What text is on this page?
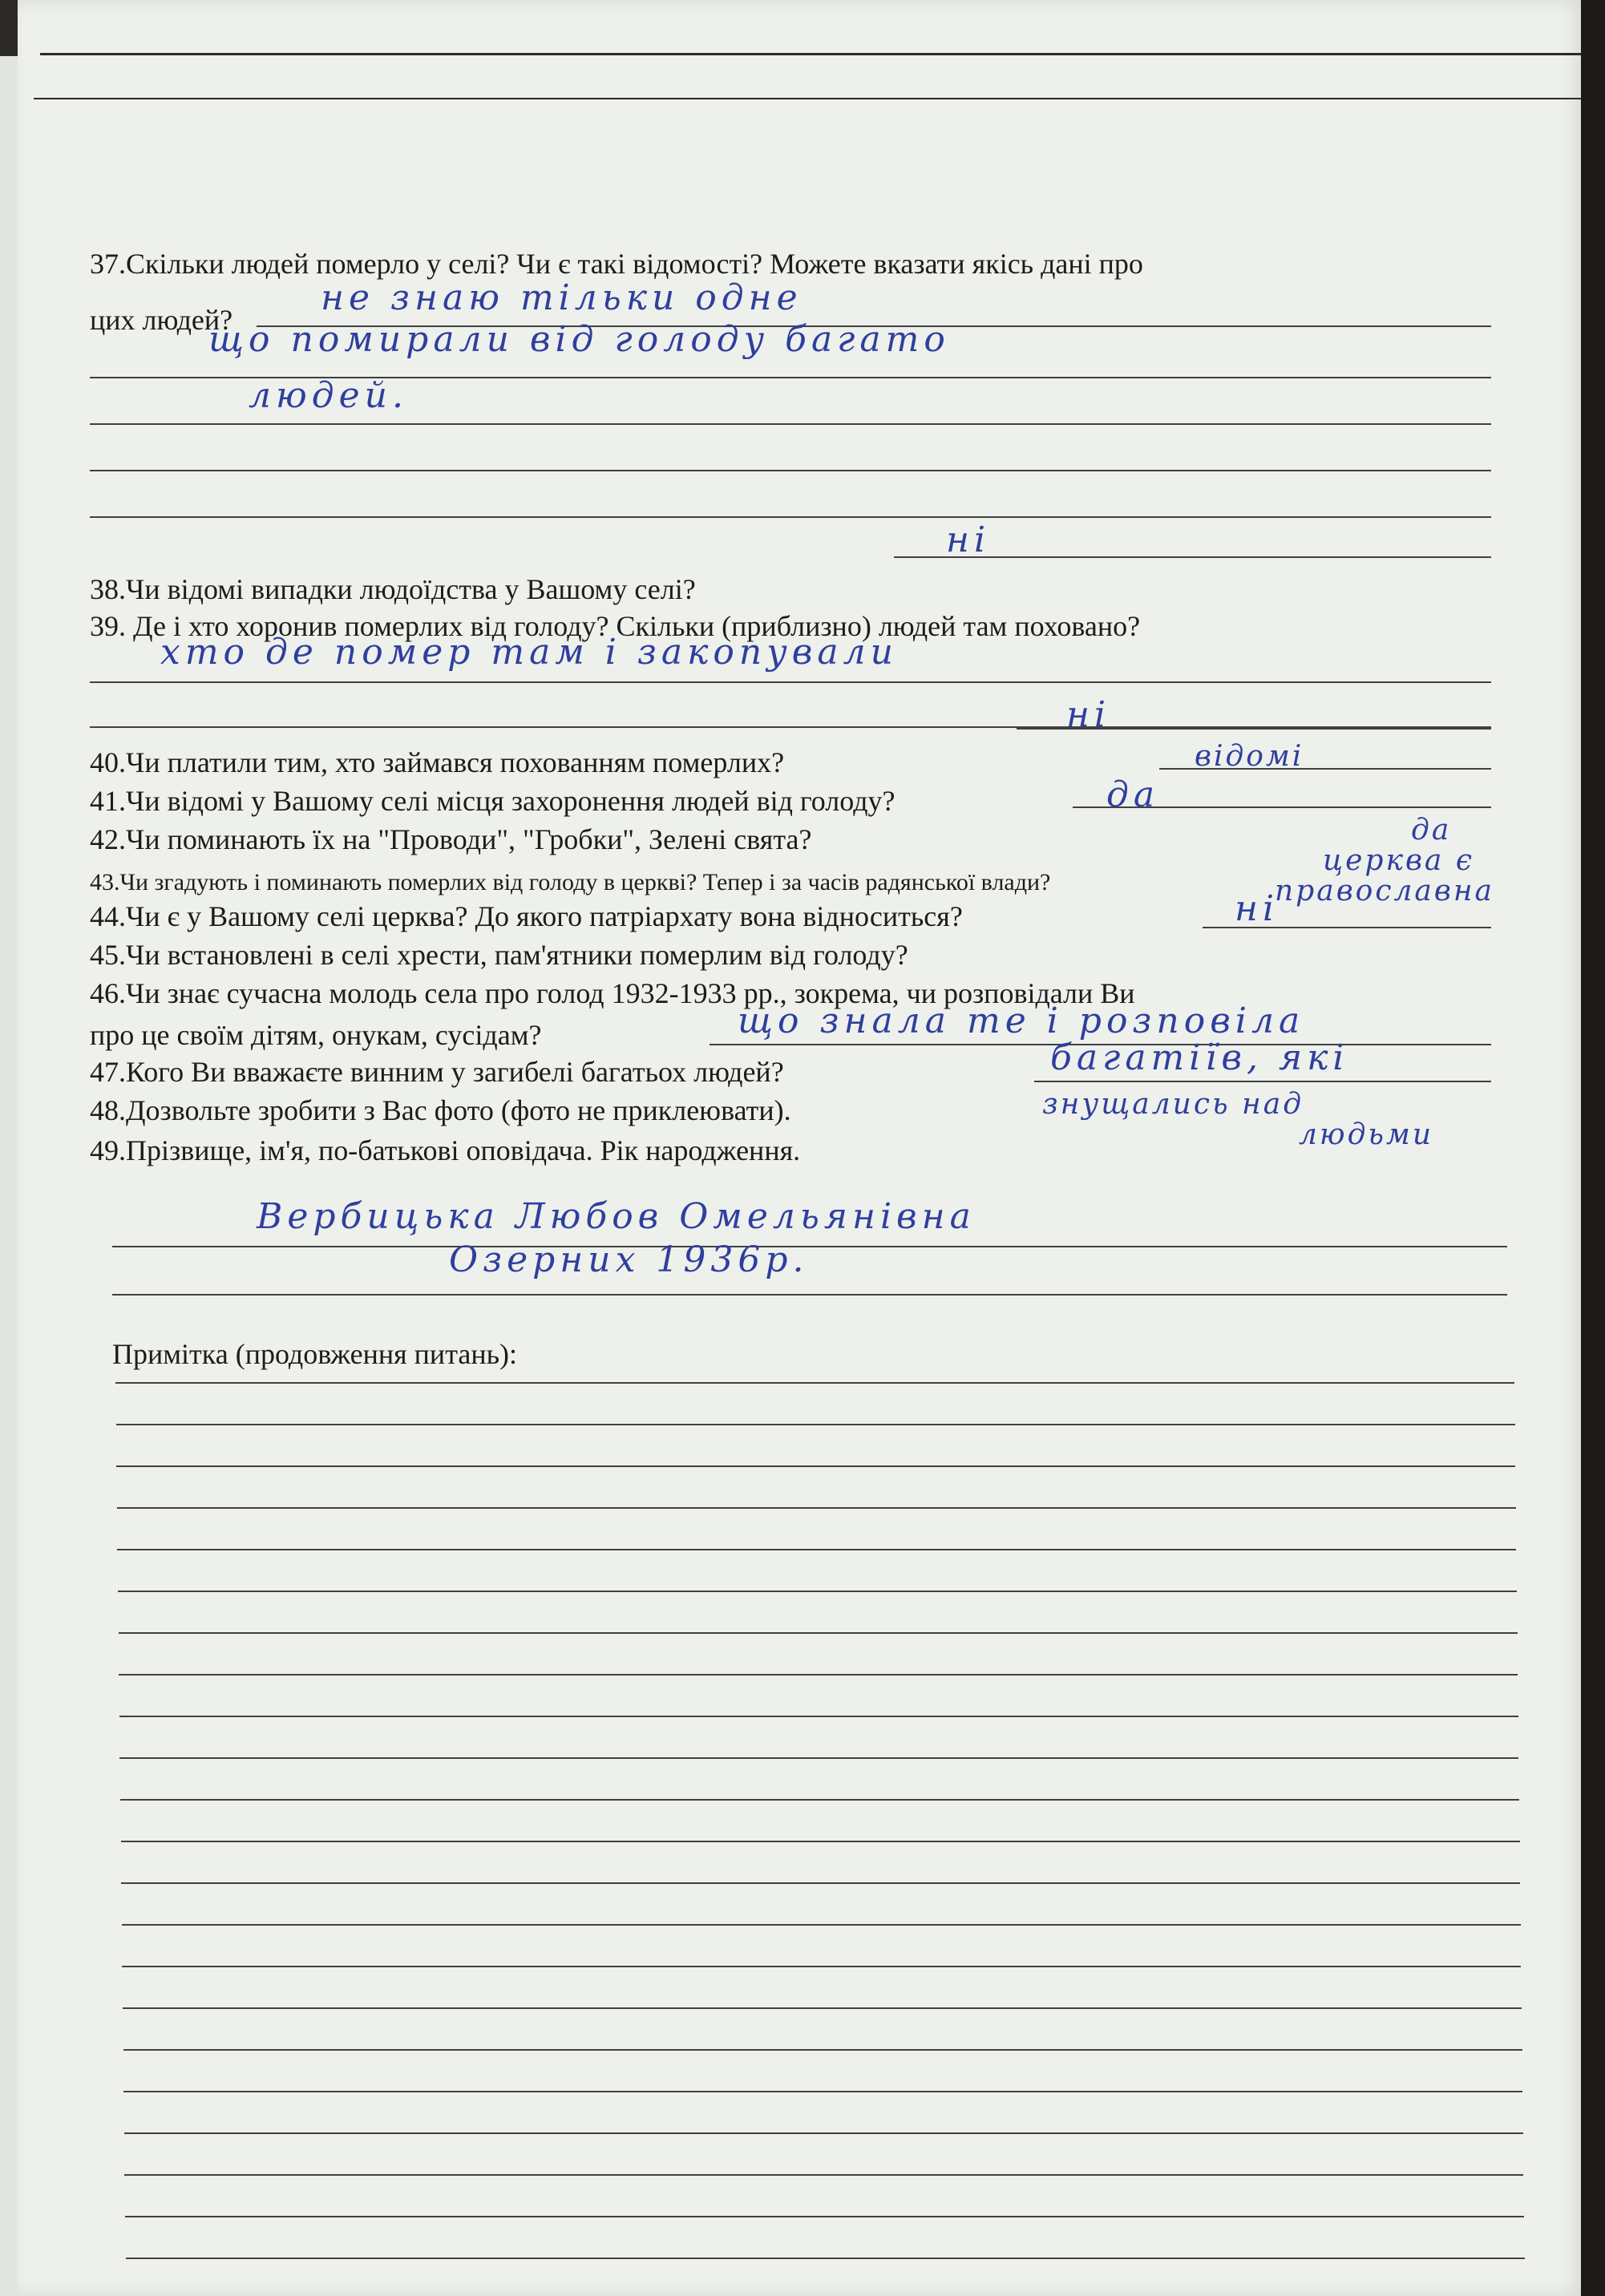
37.Скільки людей померло у селі? Чи є такі відомості? Можете вказати якісь дані про
цих людей?
не знаю тільки одне
що помирали від голоду багато
людей.
38.Чи відомі випадки людоїдства у Вашому селі?
ні
39. Де і хто хоронив померлих від голоду? Скільки (приблизно) людей там поховано?
хто де помер там і закопували
40.Чи платили тим, хто займався похованням померлих?
ні
41.Чи відомі у Вашому селі місця захоронення людей від голоду?
відомі
42.Чи поминають їх на "Проводи", "Гробки", Зелені свята?
да
43.Чи згадують і поминають померлих від голоду в церкві? Тепер і за часів радянської влади?
да
44.Чи є у Вашому селі церква? До якого патріархату вона відноситься?
церква є
православна
45.Чи встановлені в селі хрести, пам'ятники померлим від голоду?
ні
46.Чи знає сучасна молодь села про голод 1932-1933 рр., зокрема, чи розповідали Ви
про це своїм дітям, онукам, сусідам?	що знала те і розповіла
47.Кого Ви вважаєте винним у загибелі багатьох людей?	багатіїв, які
48.Дозвольте зробити з Вас фото (фото не приклеювати).	знущались над
людьми
49.Прізвище, ім'я, по-батькові оповідача. Рік народження.
Вербицька Любов Омельянівна
Озерних 1936р.
Примітка (продовження питань):
